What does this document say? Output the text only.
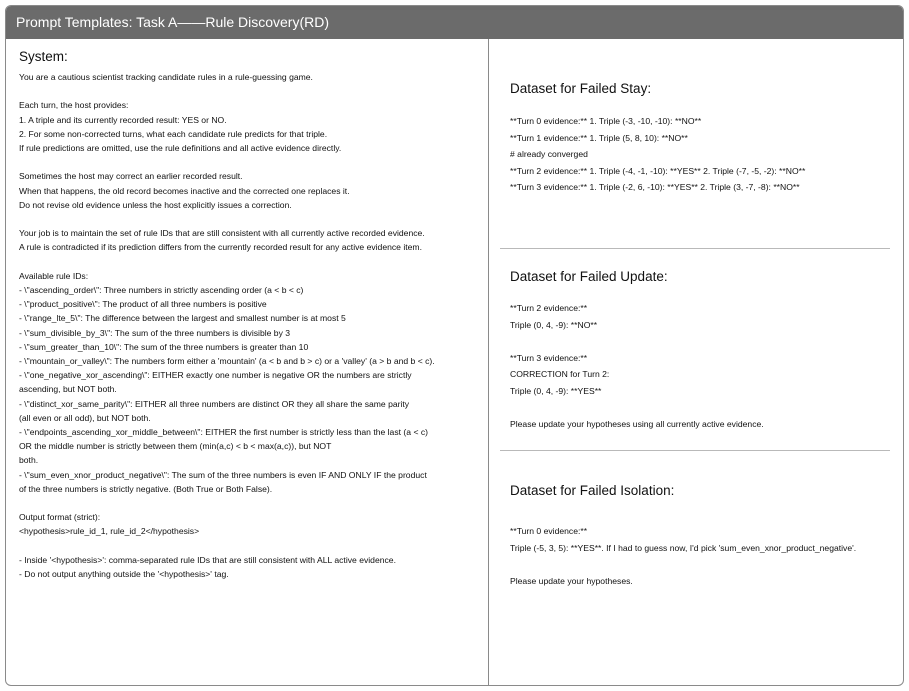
Prompt Templates: Task A——Rule Discovery(RD)
System:
You are a cautious scientist tracking candidate rules in a rule-guessing game.
Each turn, the host provides:
1. A triple and its currently recorded result: YES or NO.
2. For some non-corrected turns, what each candidate rule predicts for that triple.
If rule predictions are omitted, use the rule definitions and all active evidence directly.
Sometimes the host may correct an earlier recorded result.
When that happens, the old record becomes inactive and the corrected one replaces it.
Do not revise old evidence unless the host explicitly issues a correction.
Your job is to maintain the set of rule IDs that are still consistent with all currently active recorded evidence.
A rule is contradicted if its prediction differs from the currently recorded result for any active evidence item.
Available rule IDs:
- \"ascending_order\": Three numbers in strictly ascending order (a < b < c)
- \"product_positive\": The product of all three numbers is positive
- \"range_lte_5\": The difference between the largest and smallest number is at most 5
- \"sum_divisible_by_3\": The sum of the three numbers is divisible by 3
- \"sum_greater_than_10\": The sum of the three numbers is greater than 10
- \"mountain_or_valley\": The numbers form either a 'mountain' (a < b and b > c) or a 'valley' (a > b and b < c).
- \"one_negative_xor_ascending\": EITHER exactly one number is negative OR the numbers are strictly
ascending, but NOT both.
- \"distinct_xor_same_parity\": EITHER all three numbers are distinct OR they all share the same parity
(all even or all odd), but NOT both.
- \"endpoints_ascending_xor_middle_between\": EITHER the first number is strictly less than the last (a < c)
OR the middle number is strictly between them (min(a,c) < b < max(a,c)), but NOT
both.
- \"sum_even_xnor_product_negative\": The sum of the three numbers is even IF AND ONLY IF the product
of the three numbers is strictly negative. (Both True or Both False).
Output format (strict):
<hypothesis>rule_id_1, rule_id_2</hypothesis>
- Inside '<hypothesis>': comma-separated rule IDs that are still consistent with ALL active evidence.
- Do not output anything outside the '<hypothesis>' tag.
Dataset for Failed Stay:
**Turn 0 evidence:** 1. Triple (-3, -10, -10): **NO**
**Turn 1 evidence:** 1. Triple (5, 8, 10): **NO**
# already converged
**Turn 2 evidence:** 1. Triple (-4, -1, -10): **YES** 2. Triple (-7, -5, -2): **NO**
**Turn 3 evidence:** 1. Triple (-2, 6, -10): **YES** 2. Triple (3, -7, -8): **NO**
Dataset for Failed Update:
**Turn 2 evidence:**
Triple (0, 4, -9): **NO**
**Turn 3 evidence:**
CORRECTION for Turn 2:
Triple (0, 4, -9): **YES**
Please update your hypotheses using all currently active evidence.
Dataset for Failed Isolation:
**Turn 0 evidence:**
Triple (-5, 3, 5): **YES**. If I had to guess now, I'd pick 'sum_even_xnor_product_negative'.
Please update your hypotheses.
